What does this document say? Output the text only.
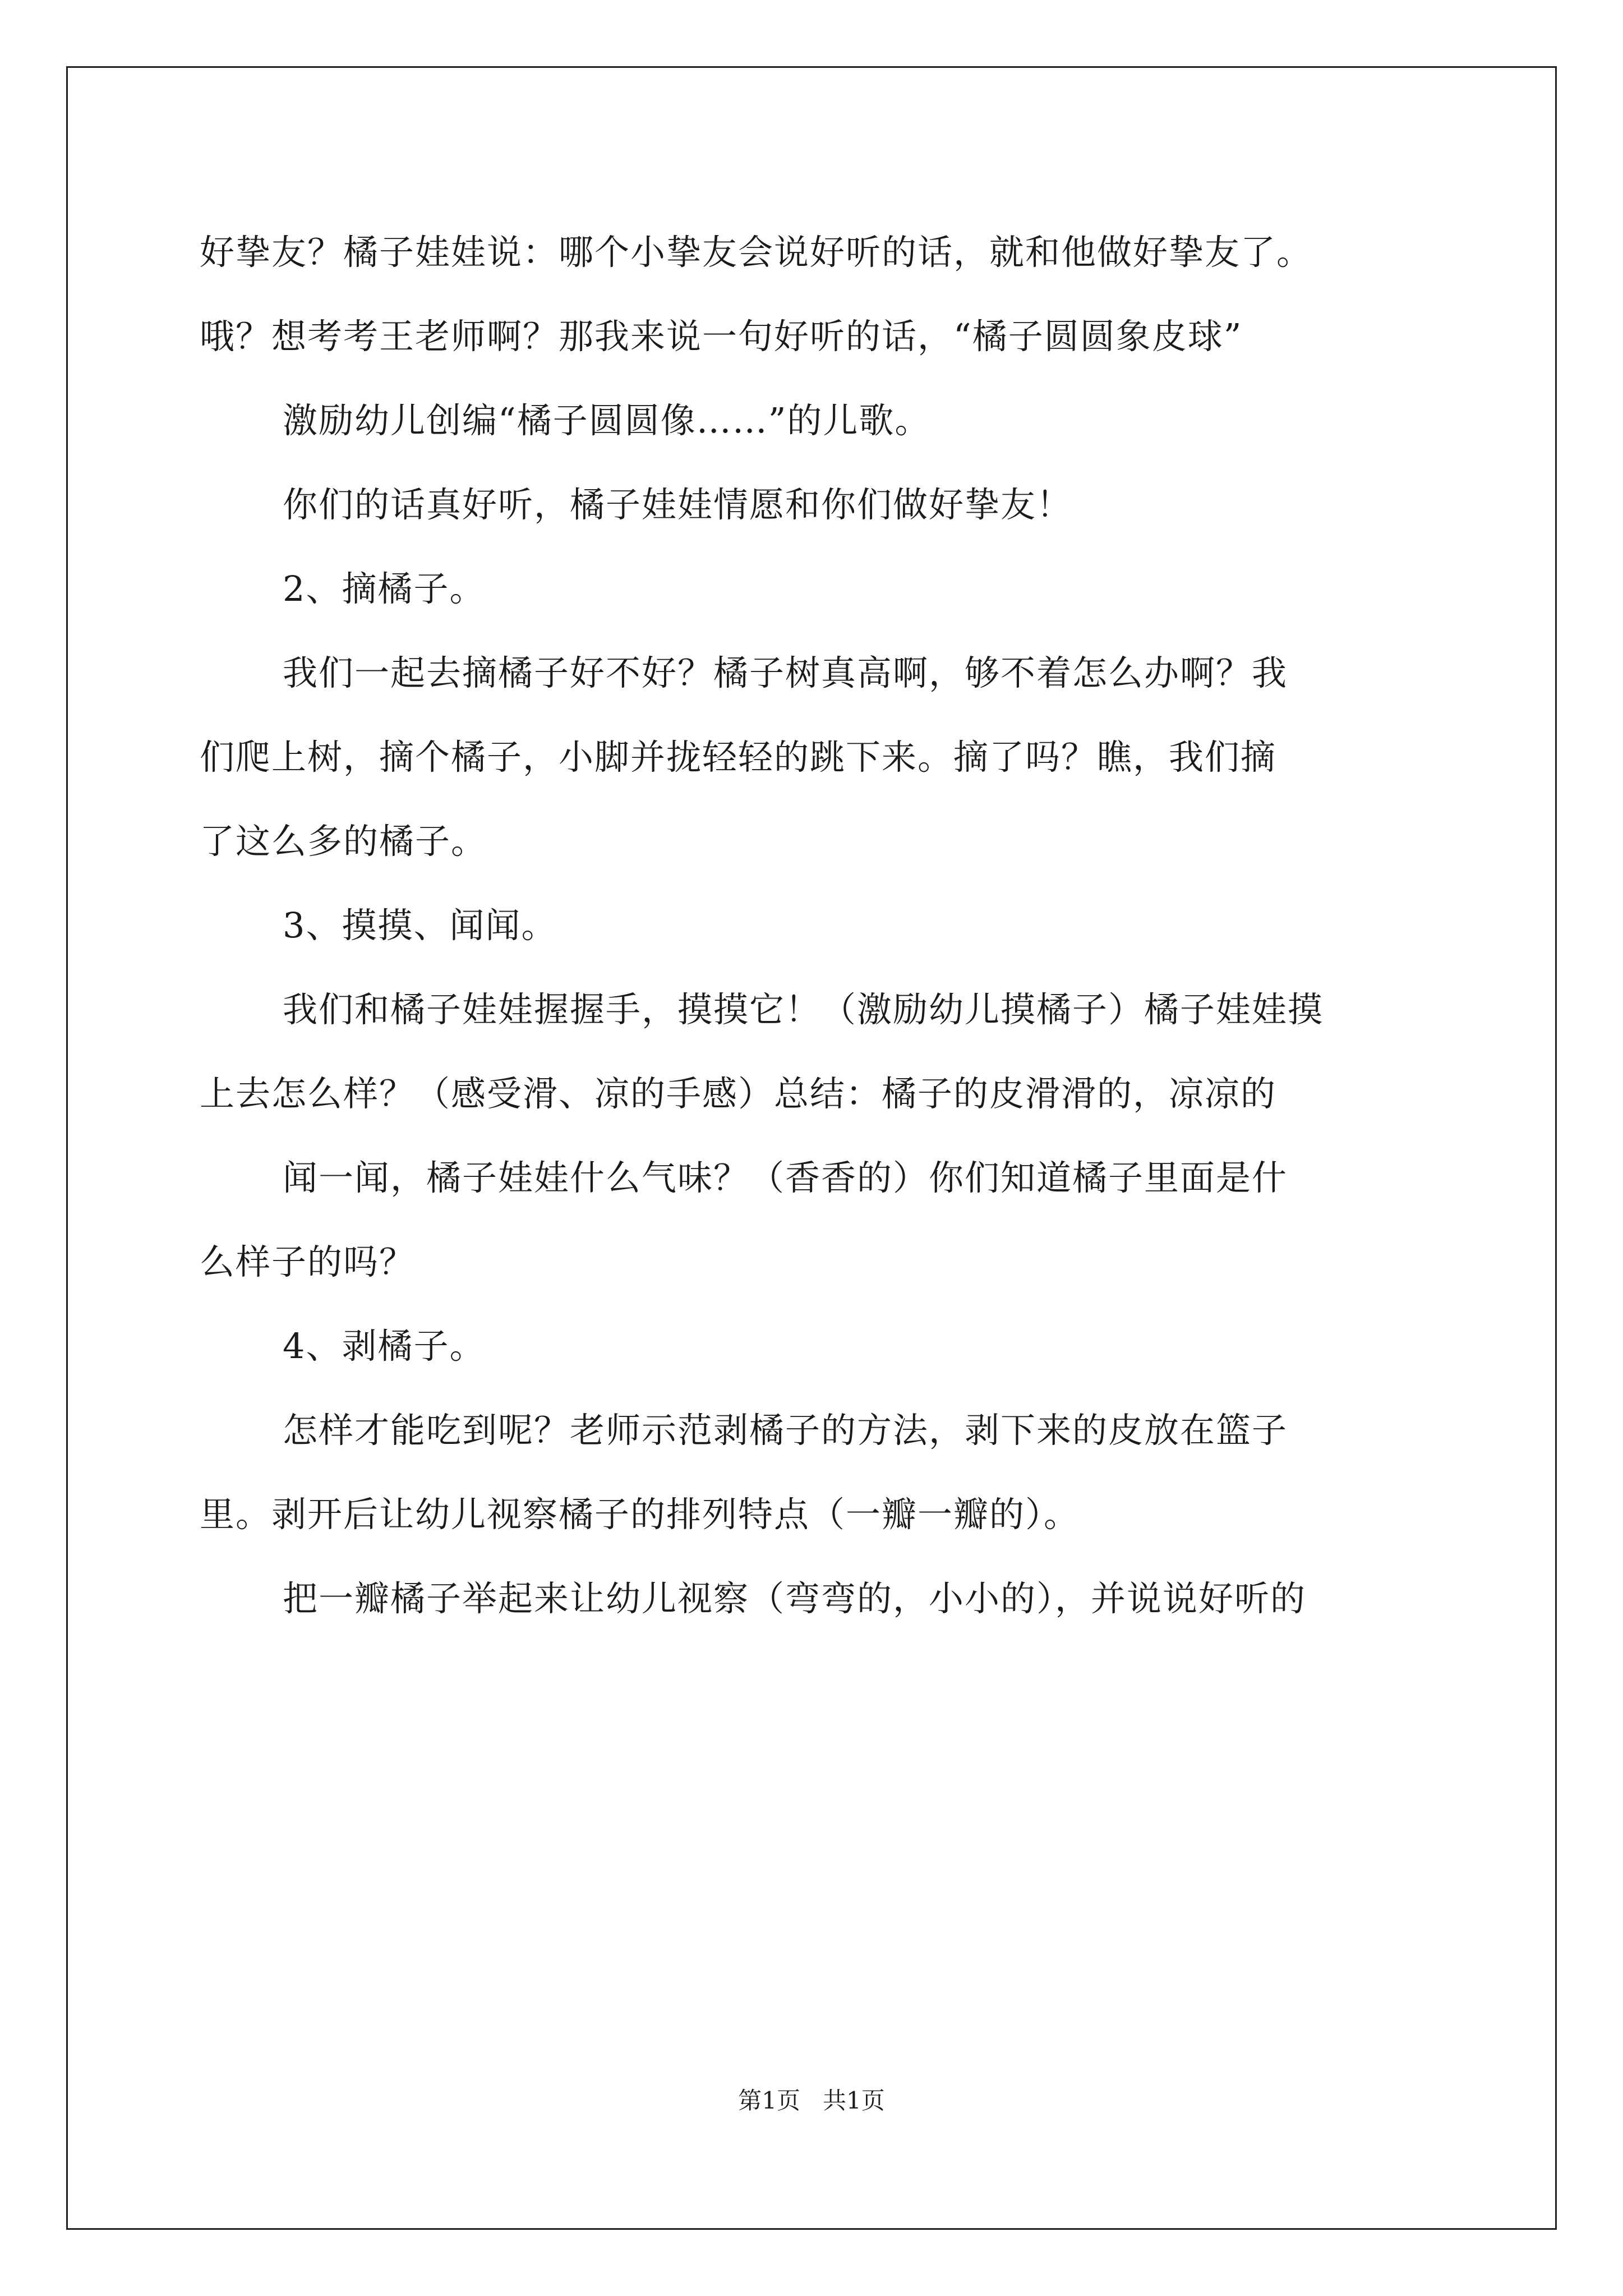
好挚友？橘子娃娃说：哪个小挚友会说好听的话，就和他做好挚友了。
哦？想考考王老师啊？那我来说一句好听的话，“橘子圆圆象皮球”
激励幼儿创编“橘子圆圆像……”的儿歌。
你们的话真好听，橘子娃娃情愿和你们做好挚友！
2、摘橘子。
我们一起去摘橘子好不好？橘子树真高啊，够不着怎么办啊？我
们爬上树，摘个橘子，小脚并拢轻轻的跳下来。摘了吗？瞧，我们摘
了这么多的橘子。
3、摸摸、闻闻。
我们和橘子娃娃握握手，摸摸它！（激励幼儿摸橘子）橘子娃娃摸
上去怎么样？（感受滑、凉的手感）总结：橘子的皮滑滑的，凉凉的
闻一闻，橘子娃娃什么气味？（香香的）你们知道橘子里面是什
么样子的吗？
4、剥橘子。
怎样才能吃到呢？老师示范剥橘子的方法，剥下来的皮放在篮子
里。剥开后让幼儿视察橘子的排列特点（一瓣一瓣的）。
把一瓣橘子举起来让幼儿视察（弯弯的，小小的），并说说好听的
第1页   共1页
